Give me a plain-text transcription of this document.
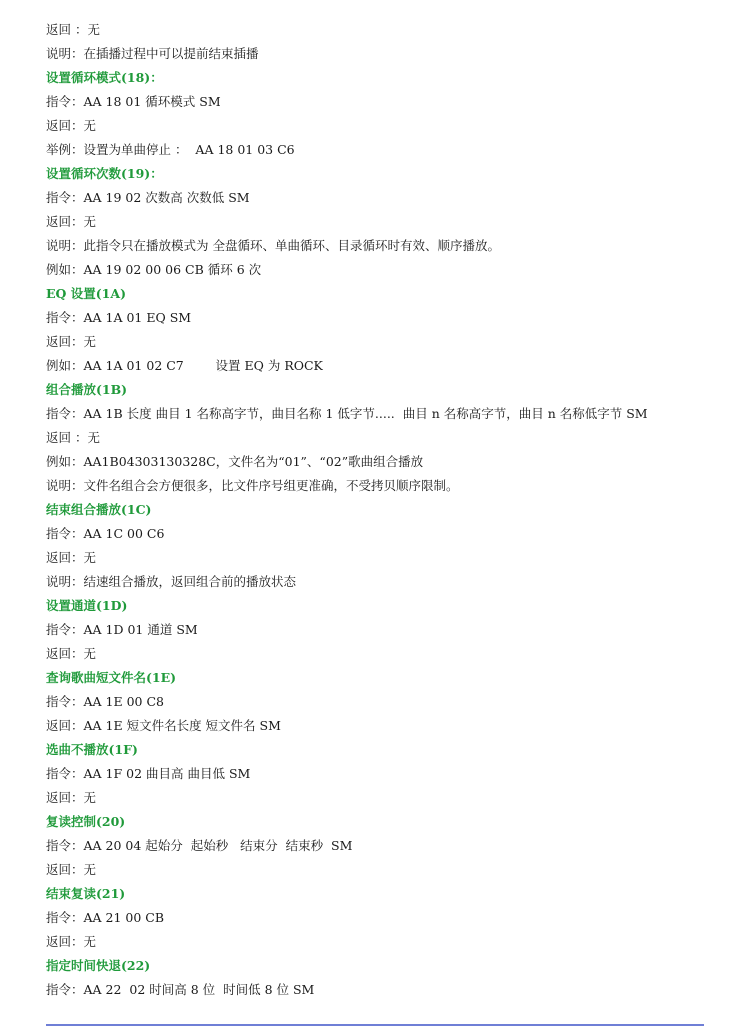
返回 ：无
说明：在插播过程中可以提前结束插播
设置循环模式(18)：
指令：AA 18 01 循环模式 SM
返回：无
举例：设置为单曲停止 ：  AA 18 01 03 C6
设置循环次数(19)：
指令：AA 19 02 次数高 次数低 SM
返回：无
说明：此指令只在播放模式为 全盘循环、单曲循环、目录循环时有效、顺序播放。
例如：AA 19 02 00 06 CB 循环 6 次
EQ 设置(1A)
指令：AA 1A 01 EQ SM
返回：无
例如：AA 1A 01 02 C7        设置 EQ 为 ROCK
组合播放(1B)
指令：AA 1B 长度 曲目 1 名称高字节，曲目名称 1 低字节.....  曲目 n 名称高字节，曲目 n 名称低字节 SM
返回 ：无
例如：AA1B04303130328C，文件名为“01”、“02”歌曲组合播放
说明：文件名组合会方便很多，比文件序号组更准确，不受拷贝顺序限制。
结束组合播放(1C)
指令：AA 1C 00 C6
返回：无
说明：结速组合播放，返回组合前的播放状态
设置通道(1D)
指令：AA 1D 01 通道 SM
返回：无
查询歌曲短文件名(1E)
指令：AA 1E 00 C8
返回：AA 1E 短文件名长度 短文件名 SM
选曲不播放(1F)
指令：AA 1F 02 曲目高 曲目低 SM
返回：无
复读控制(20)
指令：AA 20 04 起始分  起始秒   结束分  结束秒  SM
返回：无
结束复读(21)
指令：AA 21 00 CB
返回：无
指定时间快退(22)
指令：AA 22  02 时间高 8 位  时间低 8 位 SM
